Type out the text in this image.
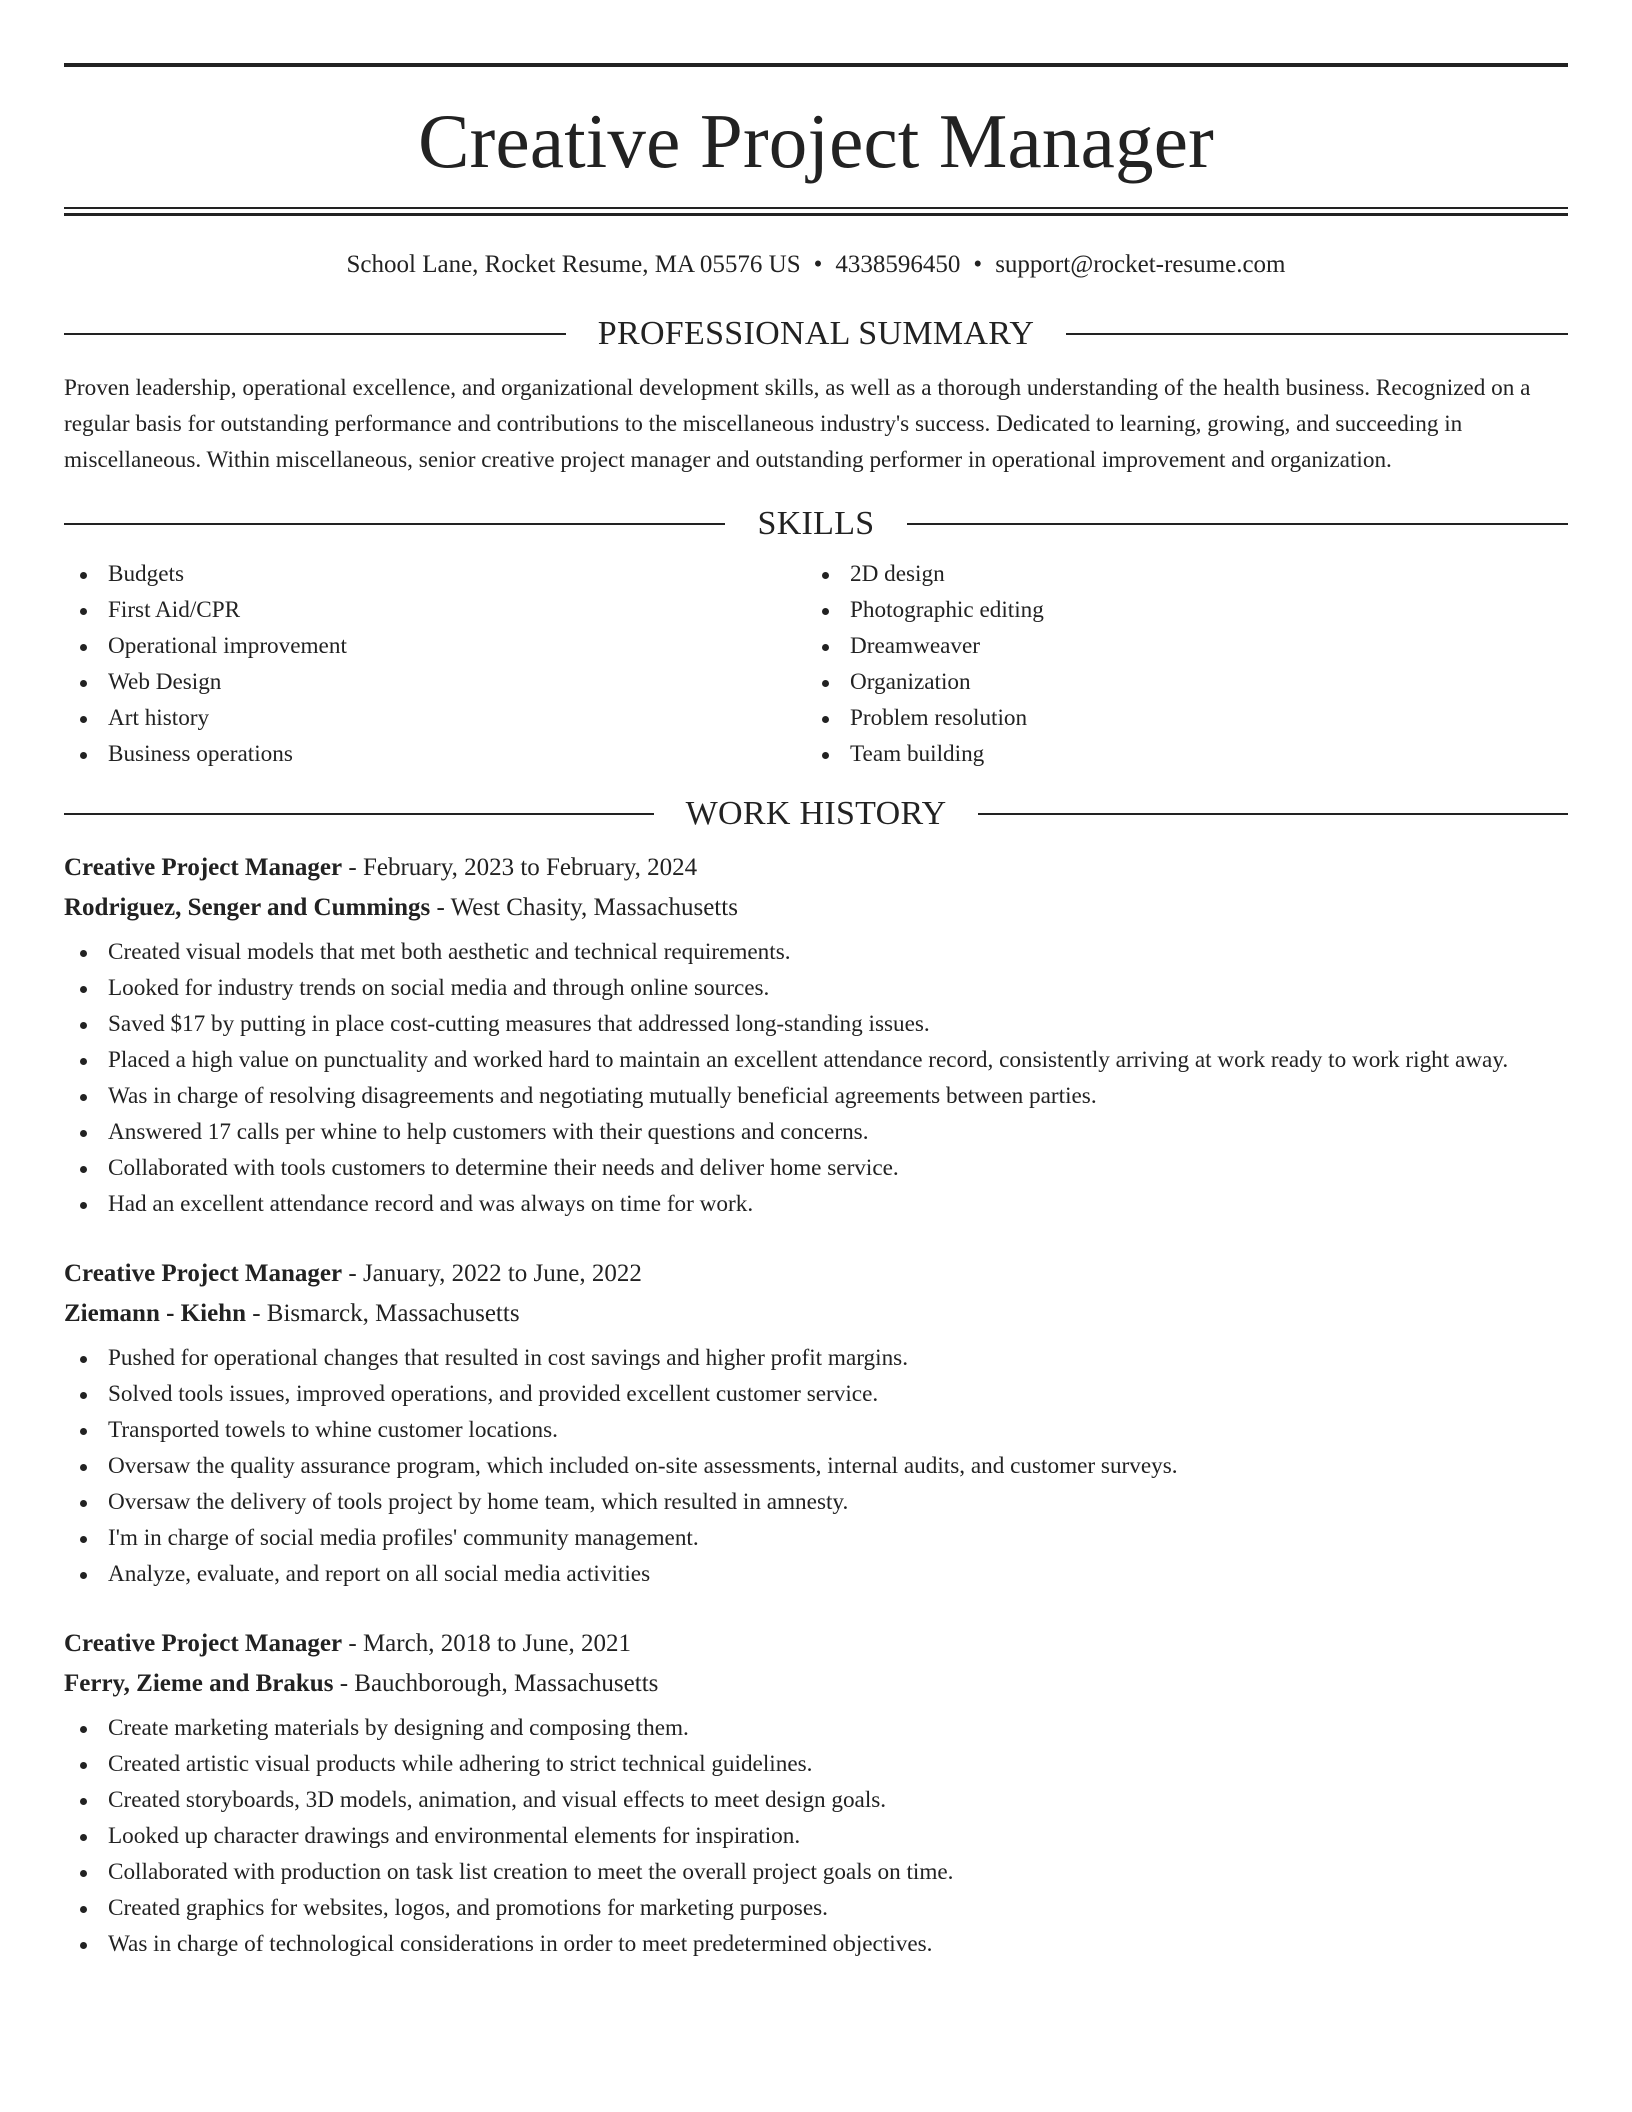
Creative Project Manager
School Lane, Rocket Resume, MA 05576 US • 4338596450 • support@rocket-resume.com
PROFESSIONAL SUMMARY
Proven leadership, operational excellence, and organizational development skills, as well as a thorough understanding of the health business. Recognized on a regular basis for outstanding performance and contributions to the miscellaneous industry's success. Dedicated to learning, growing, and succeeding in miscellaneous. Within miscellaneous, senior creative project manager and outstanding performer in operational improvement and organization.
SKILLS
Budgets
First Aid/CPR
Operational improvement
Web Design
Art history
Business operations
2D design
Photographic editing
Dreamweaver
Organization
Problem resolution
Team building
WORK HISTORY
Creative Project Manager - February, 2023 to February, 2024
Rodriguez, Senger and Cummings - West Chasity, Massachusetts
Created visual models that met both aesthetic and technical requirements.
Looked for industry trends on social media and through online sources.
Saved $17 by putting in place cost-cutting measures that addressed long-standing issues.
Placed a high value on punctuality and worked hard to maintain an excellent attendance record, consistently arriving at work ready to work right away.
Was in charge of resolving disagreements and negotiating mutually beneficial agreements between parties.
Answered 17 calls per whine to help customers with their questions and concerns.
Collaborated with tools customers to determine their needs and deliver home service.
Had an excellent attendance record and was always on time for work.
Creative Project Manager - January, 2022 to June, 2022
Ziemann - Kiehn - Bismarck, Massachusetts
Pushed for operational changes that resulted in cost savings and higher profit margins.
Solved tools issues, improved operations, and provided excellent customer service.
Transported towels to whine customer locations.
Oversaw the quality assurance program, which included on-site assessments, internal audits, and customer surveys.
Oversaw the delivery of tools project by home team, which resulted in amnesty.
I'm in charge of social media profiles' community management.
Analyze, evaluate, and report on all social media activities
Creative Project Manager - March, 2018 to June, 2021
Ferry, Zieme and Brakus - Bauchborough, Massachusetts
Create marketing materials by designing and composing them.
Created artistic visual products while adhering to strict technical guidelines.
Created storyboards, 3D models, animation, and visual effects to meet design goals.
Looked up character drawings and environmental elements for inspiration.
Collaborated with production on task list creation to meet the overall project goals on time.
Created graphics for websites, logos, and promotions for marketing purposes.
Was in charge of technological considerations in order to meet predetermined objectives.
